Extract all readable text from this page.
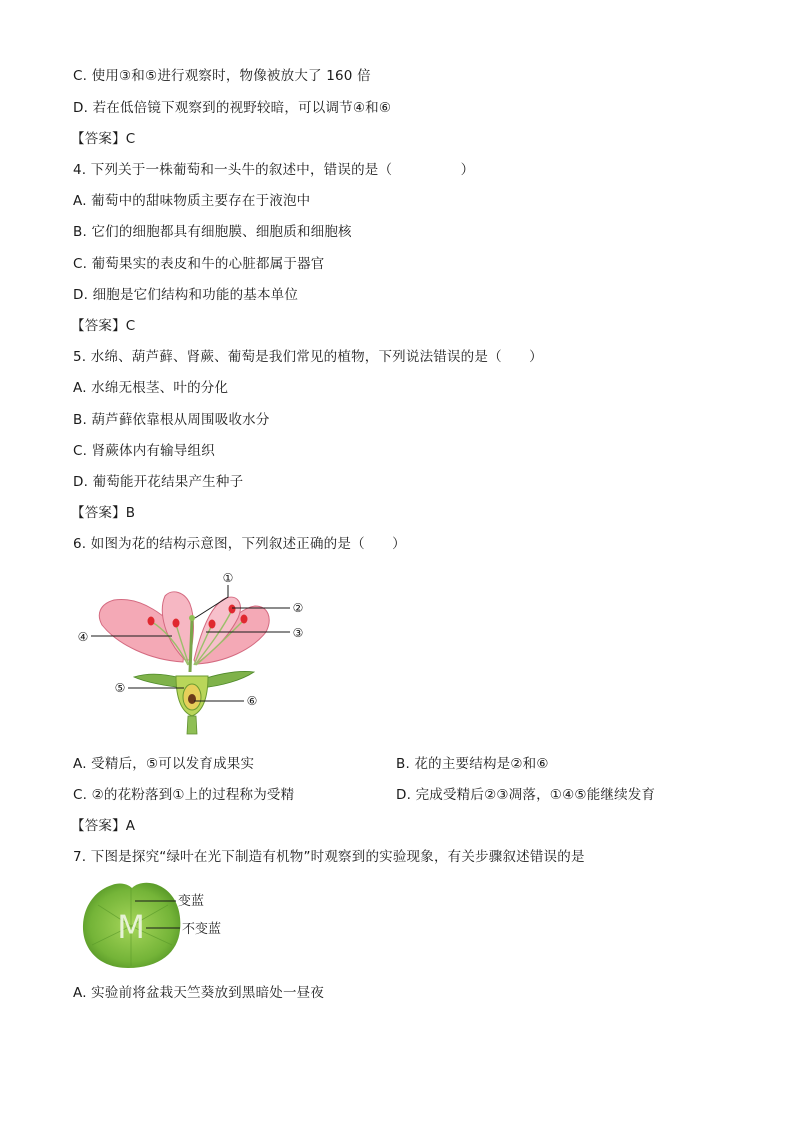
C. 使用③和⑤进行观察时，物像被放大了 160 倍
D. 若在低倍镜下观察到的视野较暗，可以调节④和⑥
【答案】C
4. 下列关于一株葡萄和一头牛的叙述中，错误的是（　　　　　）
A. 葡萄中的甜味物质主要存在于液泡中
B. 它们的细胞都具有细胞膜、细胞质和细胞核
C. 葡萄果实的表皮和牛的心脏都属于器官
D. 细胞是它们结构和功能的基本单位
【答案】C
5. 水绵、葫芦藓、肾蕨、葡萄是我们常见的植物，下列说法错误的是（　　）
A. 水绵无根茎、叶的分化
B. 葫芦藓依靠根从周围吸收水分
C. 肾蕨体内有输导组织
D. 葡萄能开花结果产生种子
【答案】B
6. 如图为花的结构示意图，下列叙述正确的是（　　）
①
②
③
④
⑤
⑥
A. 受精后，⑤可以发育成果实	B. 花的主要结构是②和⑥
C. ②的花粉落到①上的过程称为受精	D. 完成受精后②③凋落，①④⑤能继续发育
【答案】A
7. 下图是探究“绿叶在光下制造有机物”时观察到的实验现象，有关步骤叙述错误的是
M
变蓝
不变蓝
A. 实验前将盆栽天竺葵放到黑暗处一昼夜
